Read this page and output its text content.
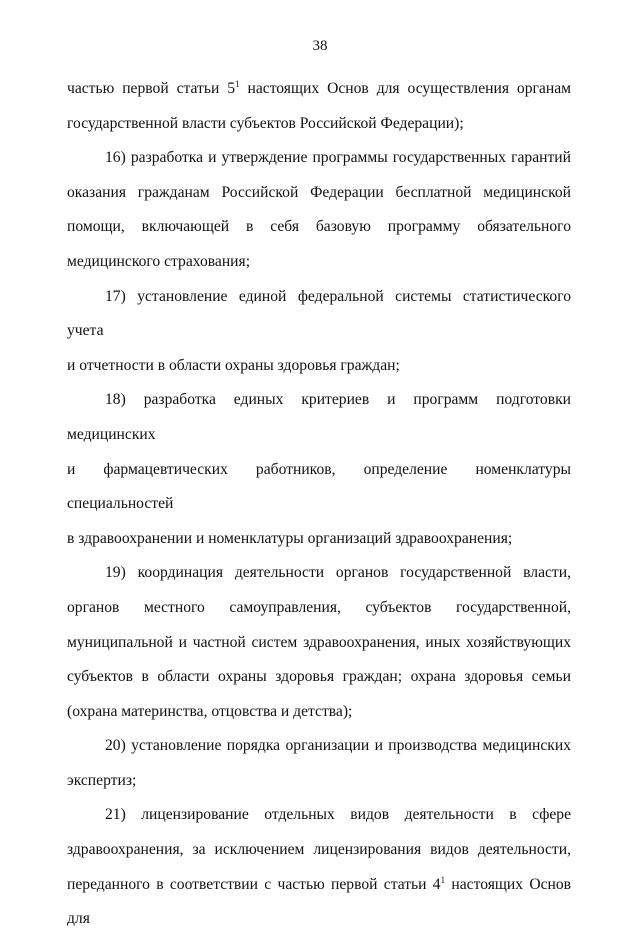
38

частью первой статьи $5^1$ настоящих Основ для осуществления органам
государственной власти субъектов Российской Федерации);

16) разработка и утверждение программы государственных гарантий
оказания гражданам Российской Федерации бесплатной медицинской
помощи, включающей в себя базовую программу обязательного
медицинского страхования;

17) установление единой федеральной системы статистического учета
и отчетности в области охраны здоровья граждан;

18) разработка единых критериев и программ подготовки медицинских
и фармацевтических работников, определение номенклатуры специальностей
в здравоохранении и номенклатуры организаций здравоохранения;

19) координация деятельности органов государственной власти,
органов местного самоуправления, субъектов государственной,
муниципальной и частной систем здравоохранения, иных хозяйствующих
субъектов в области охраны здоровья граждан; охрана здоровья семьи
(охрана материнства, отцовства и детства);

20) установление порядка организации и производства медицинских
экспертиз;

21) лицензирование отдельных видов деятельности в сфере
здравоохранения, за исключением лицензирования видов деятельности,
переданного в соответствии с частью первой статьи $4^1$ настоящих Основ для
